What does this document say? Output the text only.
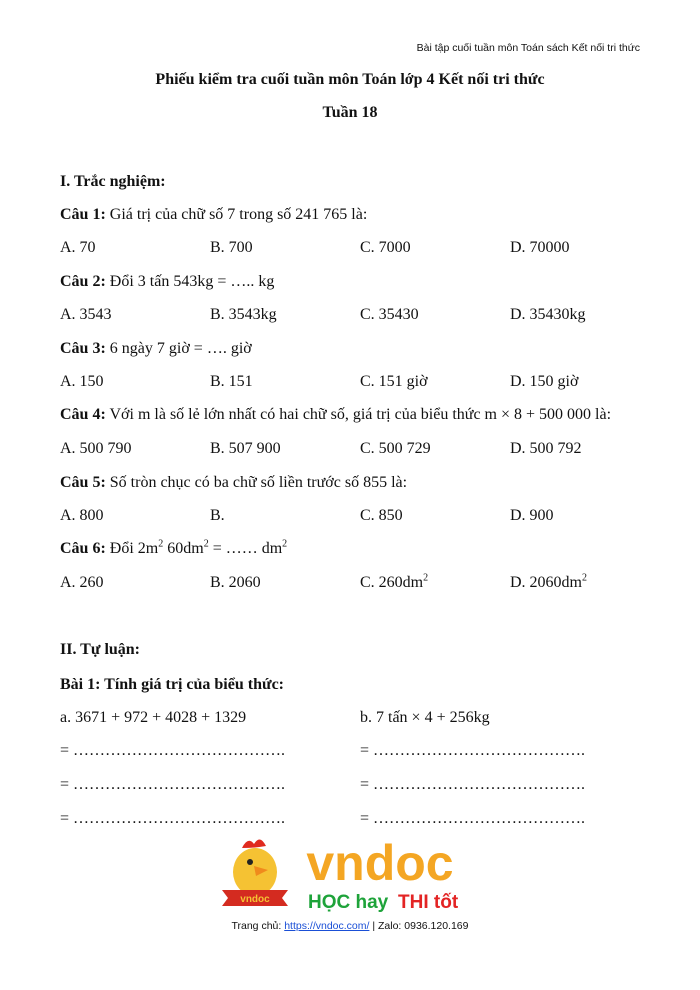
Bài tập cuối tuần môn Toán sách Kết nối tri thức
Phiếu kiểm tra cuối tuần môn Toán lớp 4 Kết nối tri thức
Tuần 18
I. Trắc nghiệm:
Câu 1: Giá trị của chữ số 7 trong số 241 765 là:
A. 70	B. 700	C. 7000	D. 70000
Câu 2: Đổi 3 tấn 543kg = ….. kg
A. 3543	B. 3543kg	C. 35430	D. 35430kg
Câu 3: 6 ngày 7 giờ = …. giờ
A. 150	B. 151	C. 151 giờ	D. 150 giờ
Câu 4: Với m là số lẻ lớn nhất có hai chữ số, giá trị của biểu thức m × 8 + 500 000 là:
A. 500 790	B. 507 900	C. 500 729	D. 500 792
Câu 5: Số tròn chục có ba chữ số liền trước số 855 là:
A. 800	B.	C. 850	D. 900
Câu 6: Đổi $2m^2$ $60dm^2$ = …… $dm^2$
A. 260	B. 2060	C. $260dm^2$	D. $2060dm^2$
II. Tự luận:
Bài 1: Tính giá trị của biểu thức:
a. 3671 + 972 + 4028 + 1329	b. 7 tấn × 4 + 256kg
= ………………………………….	= ………………………………….
= ………………………………….	= ………………………………….
= ………………………………….	= ………………………………….
vndoc
vndoc
HỌC hay THI tốt
Trang chủ: https://vndoc.com/ | Zalo: 0936.120.169
